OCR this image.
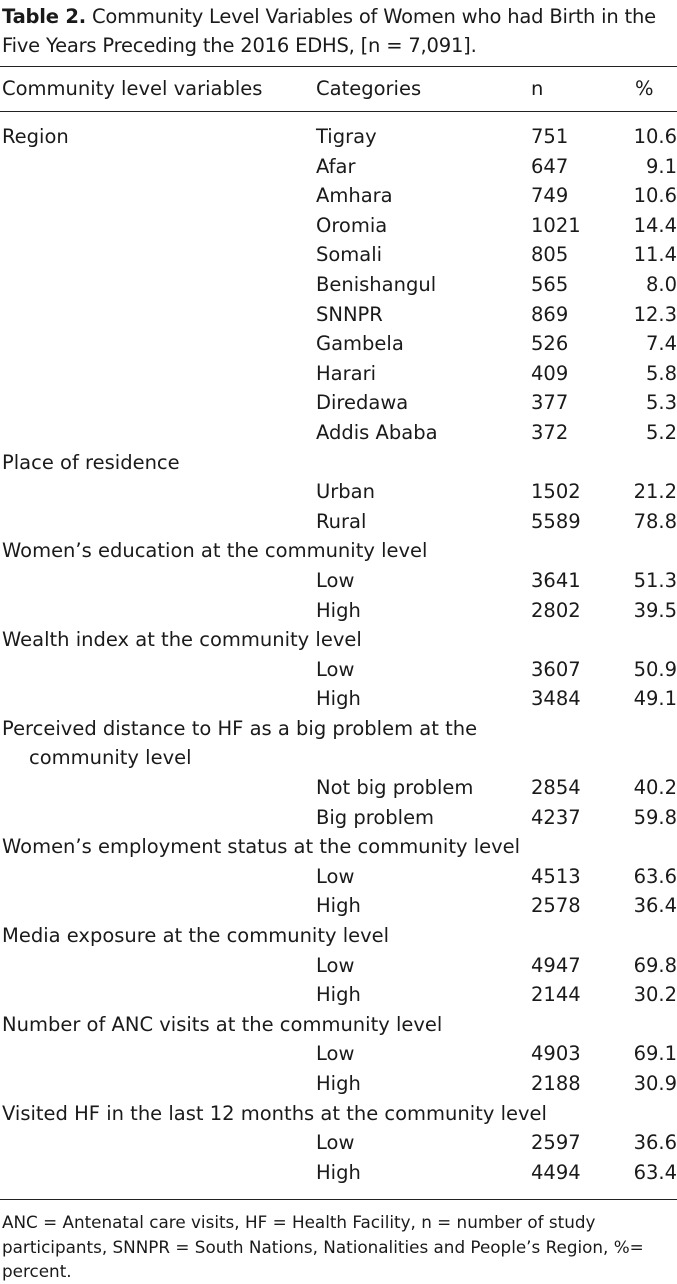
Table 2. Community Level Variables of Women who had Birth in the Five Years Preceding the 2016 EDHS, [n = 7,091].
Community level variables	Categories	n	%
Region	Tigray	751	10.6
Afar	647	9.1
Amhara	749	10.6
Oromia	1021	14.4
Somali	805	11.4
Benishangul	565	8.0
SNNPR	869	12.3
Gambela	526	7.4
Harari	409	5.8
Diredawa	377	5.3
Addis Ababa	372	5.2
Place of residence
Urban	1502	21.2
Rural	5589	78.8
Women’s education at the community level
Low	3641	51.3
High	2802	39.5
Wealth index at the community level
Low	3607	50.9
High	3484	49.1
Perceived distance to HF as a big problem at the
community level
Not big problem	2854	40.2
Big problem	4237	59.8
Women’s employment status at the community level
Low	4513	63.6
High	2578	36.4
Media exposure at the community level
Low	4947	69.8
High	2144	30.2
Number of ANC visits at the community level
Low	4903	69.1
High	2188	30.9
Visited HF in the last 12 months at the community level
Low	2597	36.6
High	4494	63.4
ANC = Antenatal care visits, HF = Health Facility, n = number of study participants, SNNPR = South Nations, Nationalities and People’s Region, %= percent.
